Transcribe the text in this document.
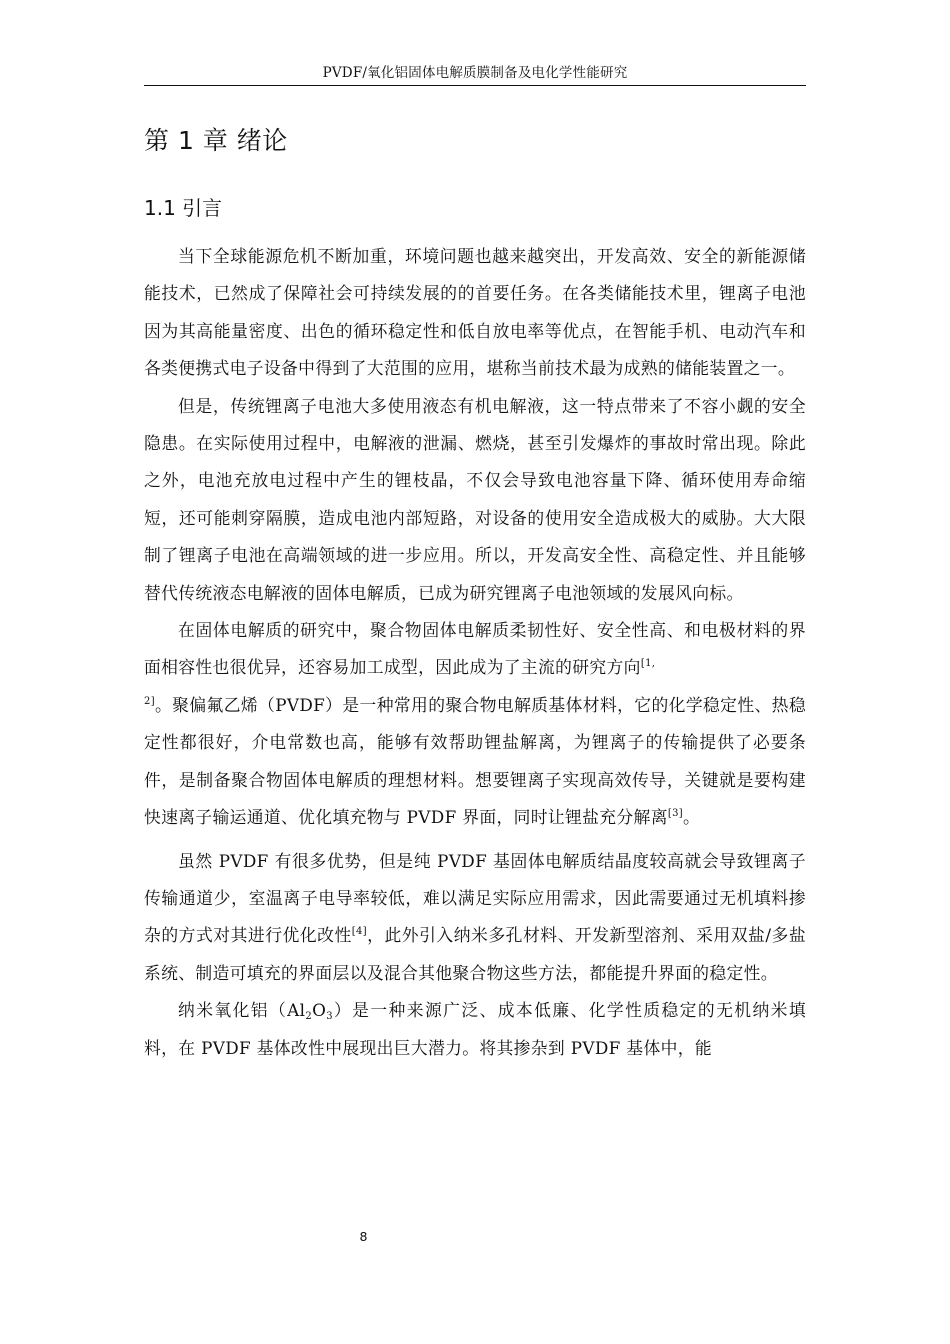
PVDF/氧化铝固体电解质膜制备及电化学性能研究
第 1 章 绪论
1.1 引言

当下全球能源危机不断加重，环境问题也越来越突出，开发高效、安全的新能源储能技术，已然成了保障社会可持续发展的的首要任务。在各类储能技术里，锂离子电池因为其高能量密度、出色的循环稳定性和低自放电率等优点，在智能手机、电动汽车和各类便携式电子设备中得到了大范围的应用，堪称当前技术最为成熟的储能装置之一。

但是，传统锂离子电池大多使用液态有机电解液，这一特点带来了不容小觑的安全隐患。在实际使用过程中，电解液的泄漏、燃烧，甚至引发爆炸的事故时常出现。除此之外，电池充放电过程中产生的锂枝晶，不仅会导致电池容量下降、循环使用寿命缩短，还可能刺穿隔膜，造成电池内部短路，对设备的使用安全造成极大的威胁。大大限制了锂离子电池在高端领域的进一步应用。所以，开发高安全性、高稳定性、并且能够替代传统液态电解液的固体电解质，已成为研究锂离子电池领域的发展风向标。

在固体电解质的研究中，聚合物固体电解质柔韧性好、安全性高、和电极材料的界面相容性也很优异，还容易加工成型，因此成为了主流的研究方向$^{[1,}$
$^{2]}$。聚偏氟乙烯（PVDF）是一种常用的聚合物电解质基体材料，它的化学稳定性、热稳定性都很好，介电常数也高，能够有效帮助锂盐解离，为锂离子的传输提供了必要条件，是制备聚合物固体电解质的理想材料。想要锂离子实现高效传导，关键就是要构建快速离子输运通道、优化填充物与 PVDF 界面，同时让锂盐充分解离[3]。

虽然 PVDF 有很多优势，但是纯 PVDF 基固体电解质结晶度较高就会导致锂离子传输通道少，室温离子电导率较低，难以满足实际应用需求，因此需要通过无机填料掺杂的方式对其进行优化改性[4]，此外引入纳米多孔材料、开发新型溶剂、采用双盐/多盐系统、制造可填充的界面层以及混合其他聚合物这些方法，都能提升界面的稳定性。

纳米氧化铝$(Al_2O_3)$是一种来源广泛、成本低廉、化学性质稳定的无机纳米填料，在 PVDF 基体改性中展现出巨大潜力。将其掺杂到 PVDF 基体中，能

8
